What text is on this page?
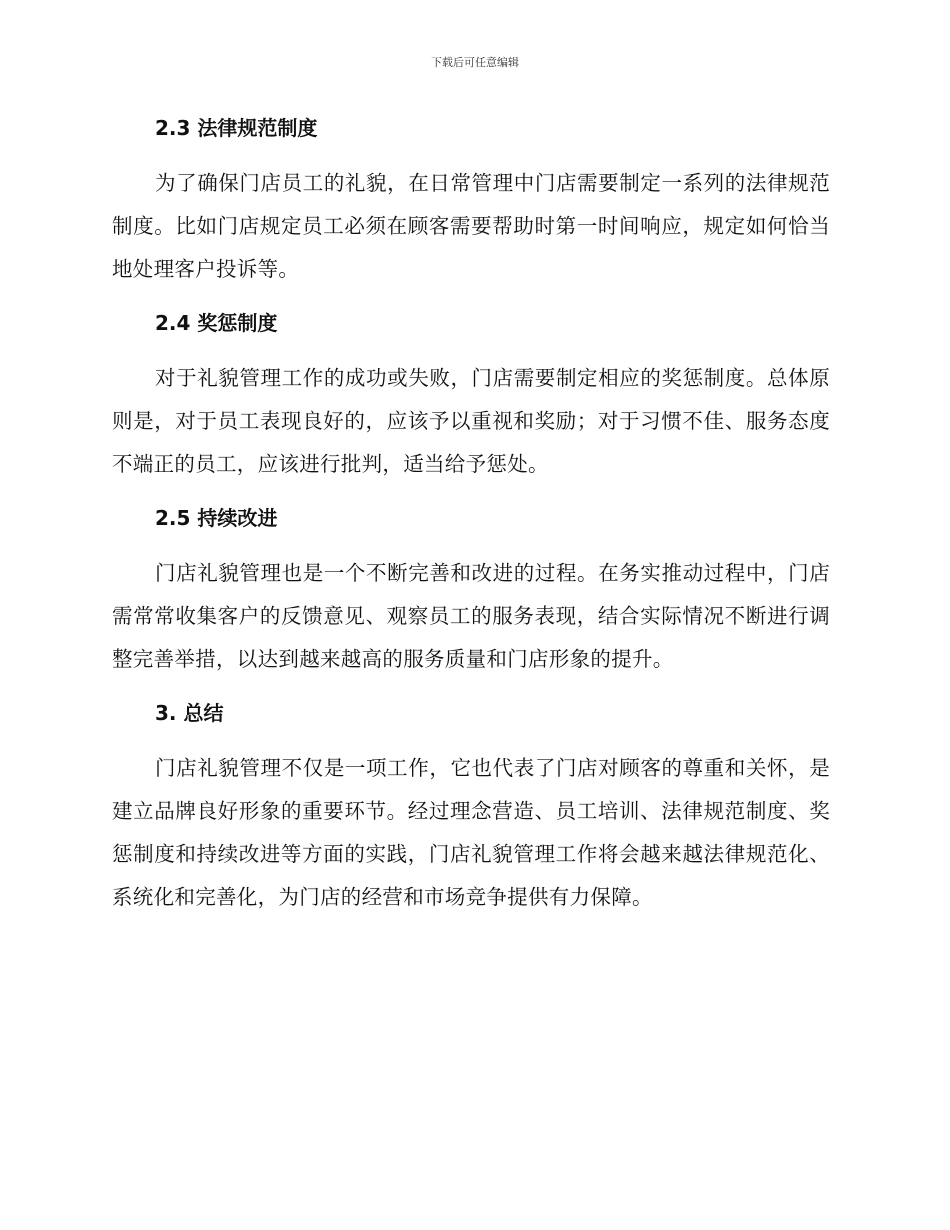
下载后可任意编辑
2.3 法律规范制度

为了确保门店员工的礼貌，在日常管理中门店需要制定一系列的法律规范制度。比如门店规定员工必须在顾客需要帮助时第一时间响应，规定如何恰当地处理客户投诉等。

2.4 奖惩制度

对于礼貌管理工作的成功或失败，门店需要制定相应的奖惩制度。总体原则是，对于员工表现良好的，应该予以重视和奖励；对于习惯不佳、服务态度不端正的员工，应该进行批判，适当给予惩处。

2.5 持续改进

门店礼貌管理也是一个不断完善和改进的过程。在务实推动过程中，门店需常常收集客户的反馈意见、观察员工的服务表现，结合实际情况不断进行调整完善举措，以达到越来越高的服务质量和门店形象的提升。

3. 总结

门店礼貌管理不仅是一项工作，它也代表了门店对顾客的尊重和关怀，是建立品牌良好形象的重要环节。经过理念营造、员工培训、法律规范制度、奖惩制度和持续改进等方面的实践，门店礼貌管理工作将会越来越法律规范化、系统化和完善化，为门店的经营和市场竞争提供有力保障。
